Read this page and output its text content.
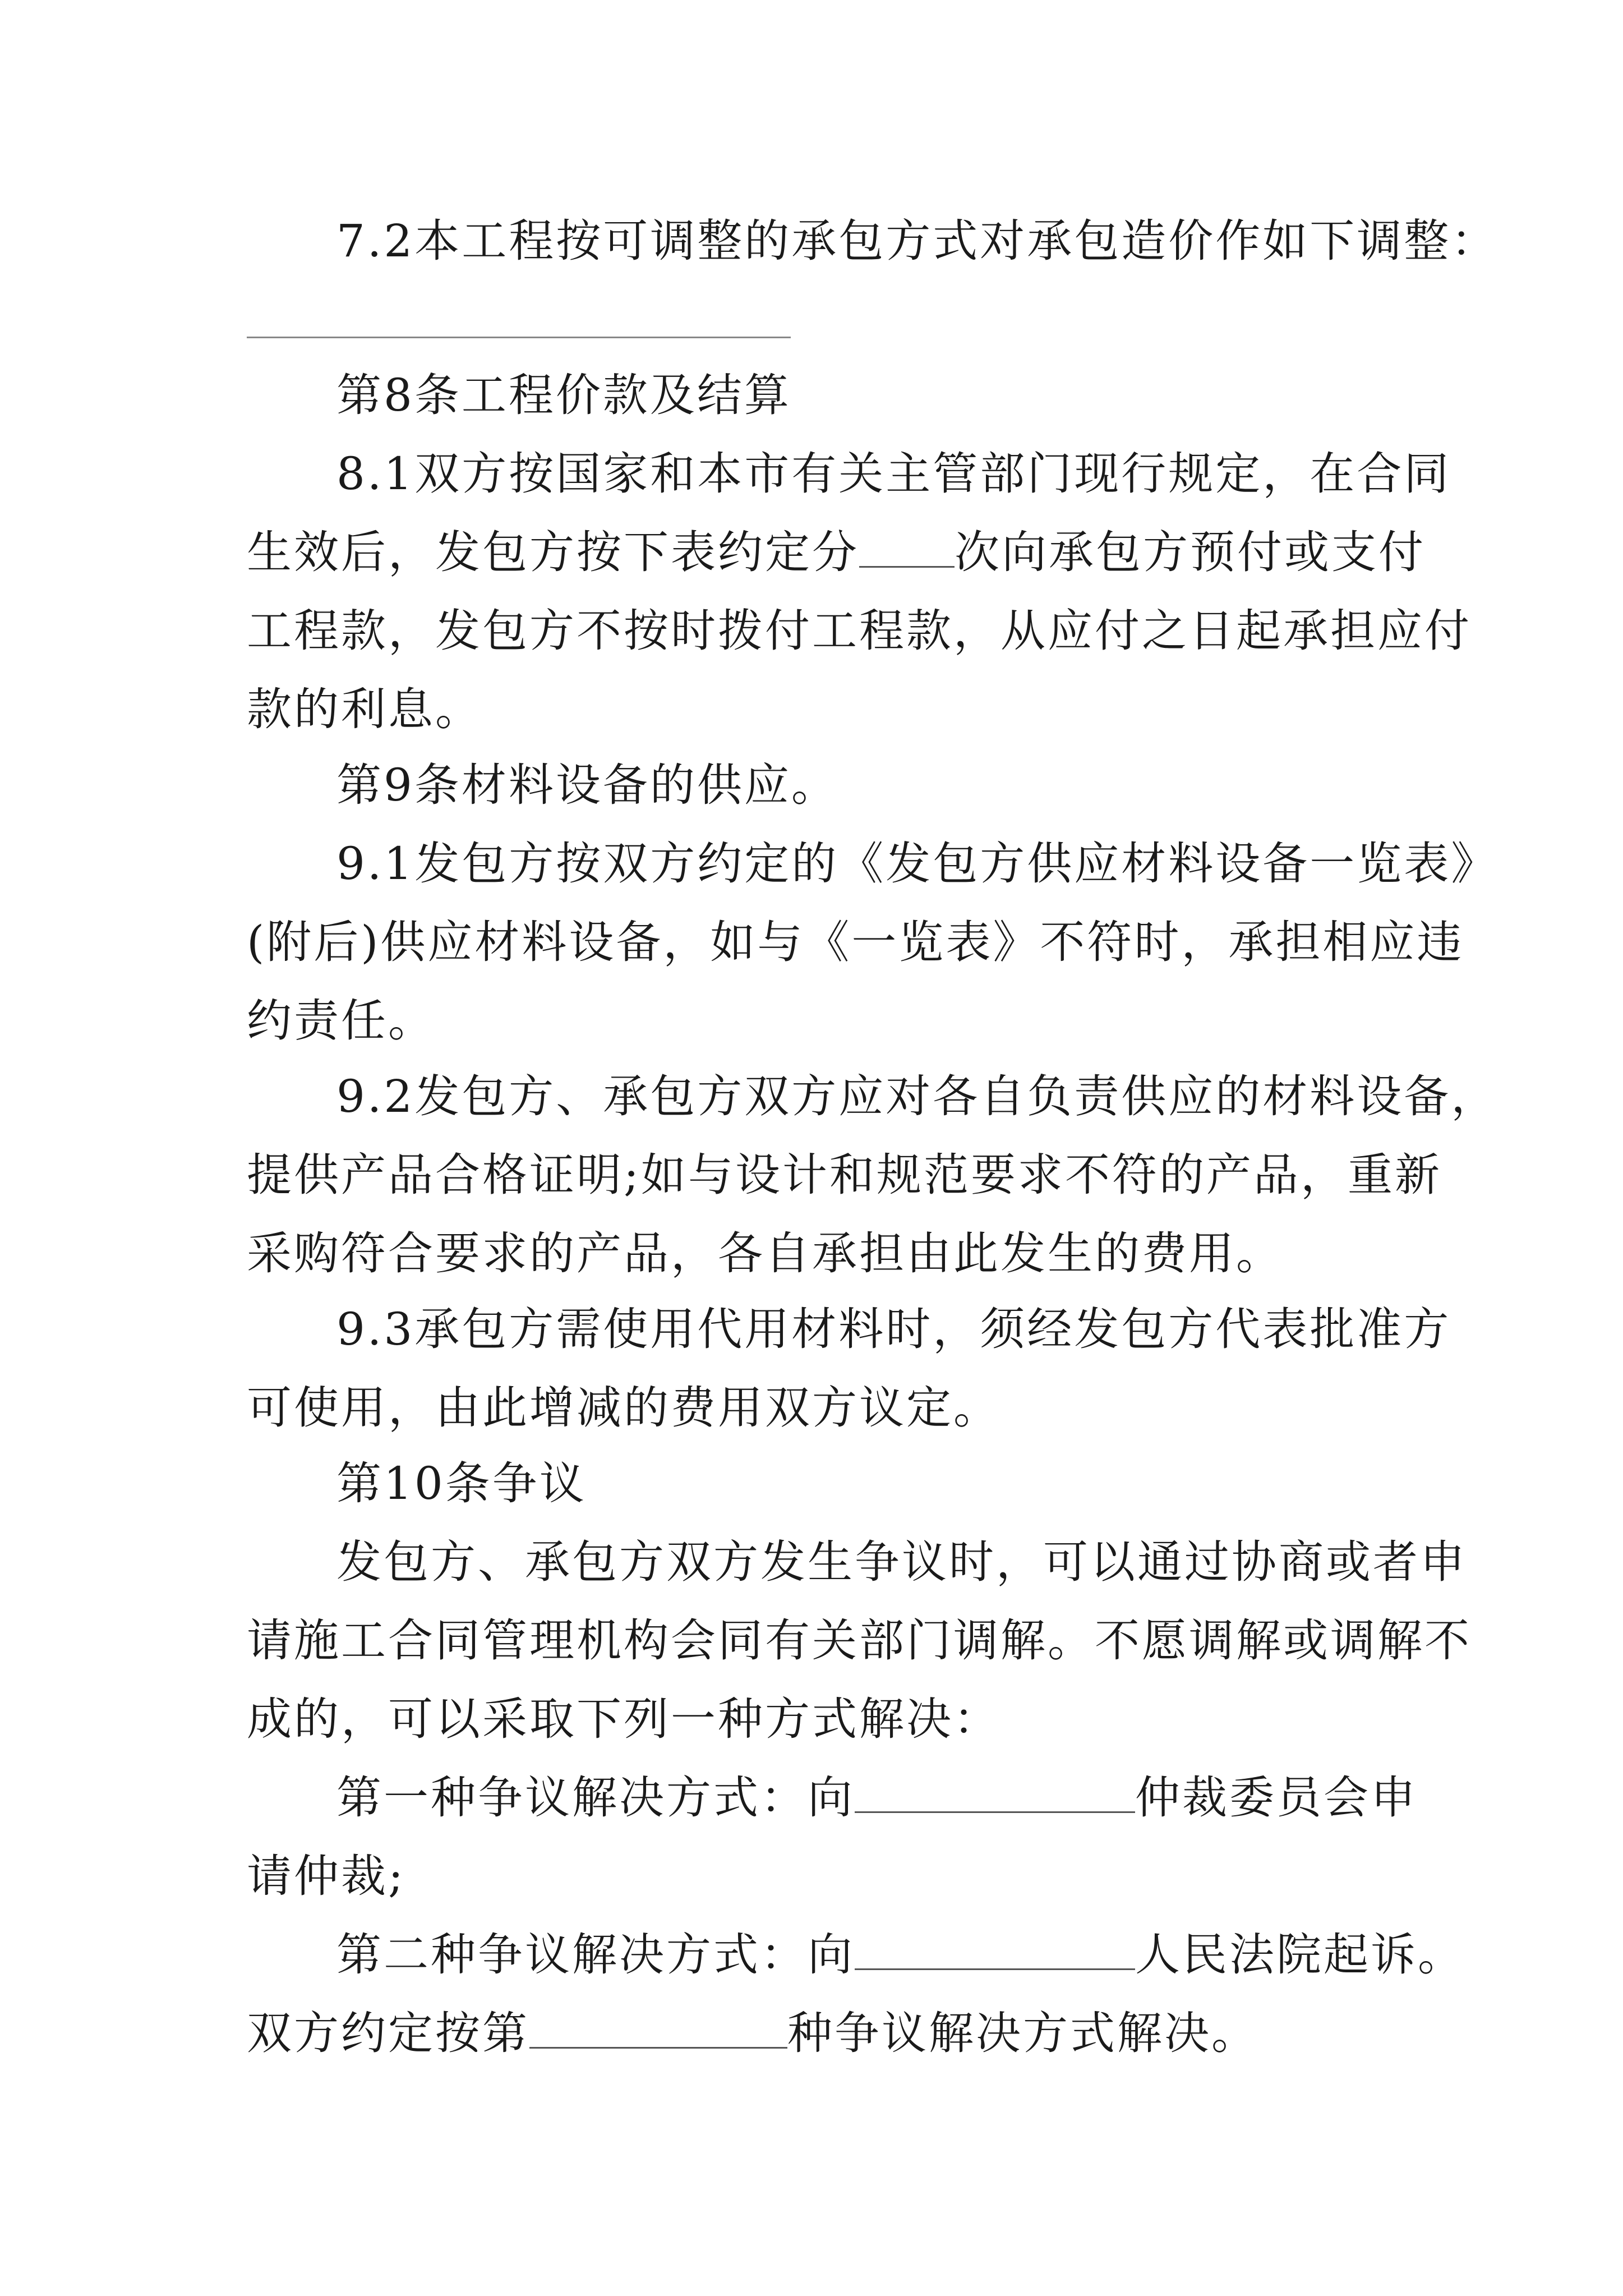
7.2本工程按可调整的承包方式对承包造价作如下调整：
第8条工程价款及结算
8.1双方按国家和本市有关主管部门现行规定，在合同
生效后，发包方按下表约定分 次向承包方预付或支付
工程款，发包方不按时拨付工程款，从应付之日起承担应付
款的利息。
第9条材料设备的供应。
9.1发包方按双方约定的《发包方供应材料设备一览表》
(附后)供应材料设备，如与《一览表》不符时，承担相应违
约责任。
9.2发包方、承包方双方应对各自负责供应的材料设备，
提供产品合格证明;如与设计和规范要求不符的产品，重新
采购符合要求的产品，各自承担由此发生的费用。
9.3承包方需使用代用材料时，须经发包方代表批准方
可使用，由此增减的费用双方议定。
第10条争议
发包方、承包方双方发生争议时，可以通过协商或者申
请施工合同管理机构会同有关部门调解。不愿调解或调解不
成的，可以采取下列一种方式解决：
第一种争议解决方式：向	仲裁委员会申
请仲裁;
第二种争议解决方式：向	人民法院起诉。
双方约定按第	种争议解决方式解决。
